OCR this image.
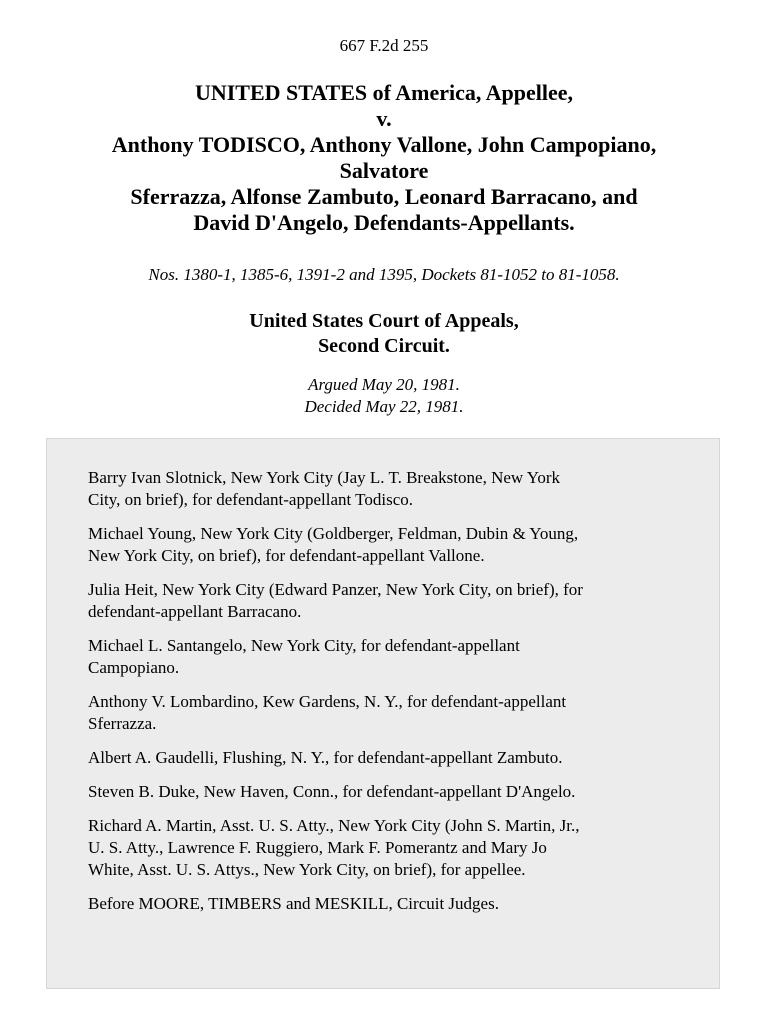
667 F.2d 255
UNITED STATES of America, Appellee,
v.
Anthony TODISCO, Anthony Vallone, John Campopiano,
Salvatore
Sferrazza, Alfonse Zambuto, Leonard Barracano, and
David D'Angelo, Defendants-Appellants.
Nos. 1380-1, 1385-6, 1391-2 and 1395, Dockets 81-1052 to 81-1058.
United States Court of Appeals,
Second Circuit.
Argued May 20, 1981.
Decided May 22, 1981.

Barry Ivan Slotnick, New York City (Jay L. T. Breakstone, New York
City, on brief), for defendant-appellant Todisco.

Michael Young, New York City (Goldberger, Feldman, Dubin & Young,
New York City, on brief), for defendant-appellant Vallone.

Julia Heit, New York City (Edward Panzer, New York City, on brief), for
defendant-appellant Barracano.

Michael L. Santangelo, New York City, for defendant-appellant
Campopiano.

Anthony V. Lombardino, Kew Gardens, N. Y., for defendant-appellant
Sferrazza.

Albert A. Gaudelli, Flushing, N. Y., for defendant-appellant Zambuto.

Steven B. Duke, New Haven, Conn., for defendant-appellant D'Angelo.

Richard A. Martin, Asst. U. S. Atty., New York City (John S. Martin, Jr.,
U. S. Atty., Lawrence F. Ruggiero, Mark F. Pomerantz and Mary Jo
White, Asst. U. S. Attys., New York City, on brief), for appellee.

Before MOORE, TIMBERS and MESKILL, Circuit Judges.
